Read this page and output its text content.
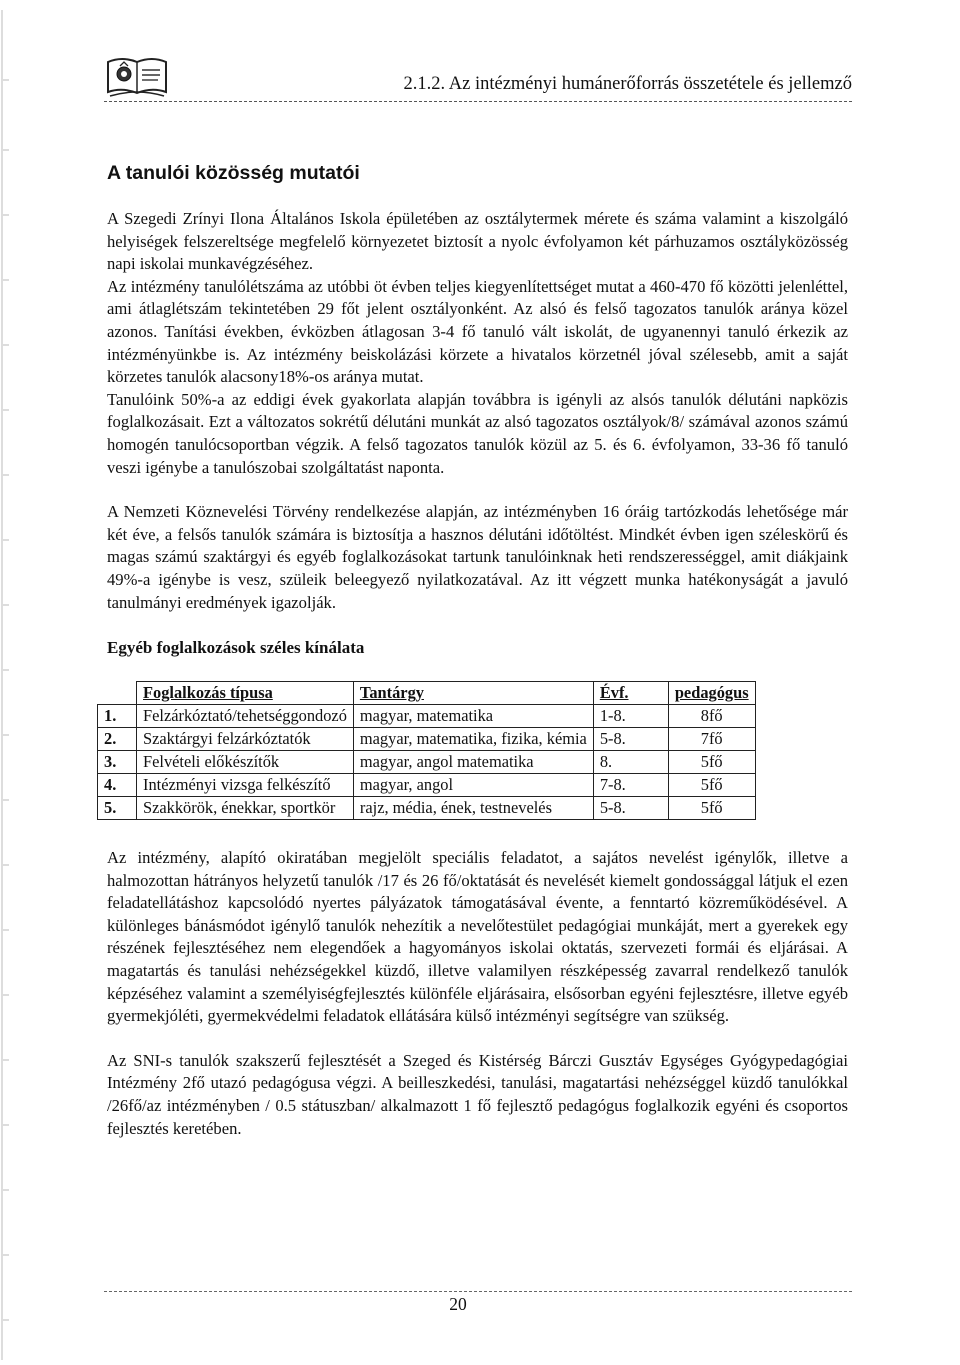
2.1.2. Az intézményi humánerőforrás összetétele és jellemző
A tanulói közösség mutatói

A Szegedi Zrínyi Ilona Általános Iskola épületében az osztálytermek mérete és száma valamint a kiszolgáló helyiségek felszereltsége megfelelő környezetet biztosít a nyolc évfolyamon két párhuzamos osztályközösség napi iskolai munkavégzéséhez.

Az intézmény tanulólétszáma az utóbbi öt évben teljes kiegyenlítettséget mutat a 460-470 fő közötti jelenléttel, ami átlaglétszám tekintetében 29 főt jelent osztályonként. Az alsó és felső tagozatos tanulók aránya közel azonos. Tanítási években, évközben átlagosan 3-4 fő tanuló vált iskolát, de ugyanennyi tanuló érkezik az intézményünkbe is. Az intézmény beiskolázási körzete a hivatalos körzetnél jóval szélesebb, amit a saját körzetes tanulók alacsony18%-os aránya mutat.

Tanulóink 50%-a az eddigi évek gyakorlata alapján továbbra is igényli az alsós tanulók délutáni napközis foglalkozásait. Ezt a változatos sokrétű délutáni munkát az alsó tagozatos osztályok/8/ számával azonos számú homogén tanulócsoportban végzik. A felső tagozatos tanulók közül az 5. és 6. évfolyamon, 33-36 fő tanuló veszi igénybe a tanulószobai szolgáltatást naponta.

A Nemzeti Köznevelési Törvény rendelkezése alapján, az intézményben 16 óráig tartózkodás lehetősége már két éve, a felsős tanulók számára is biztosítja a hasznos délutáni időtöltést. Mindkét évben igen széleskörű és magas számú szaktárgyi és egyéb foglalkozásokat tartunk tanulóinknak heti rendszerességgel, amit diákjaink 49%-a igénybe is vesz, szüleik beleegyező nyilatkozatával. Az itt végzett munka hatékonyságát a javuló tanulmányi eredmények igazolják.

Egyéb foglalkozások széles kínálata
	Foglalkozás típusa	Tantárgy	Évf.	pedagógus
1.	Felzárkóztató/tehetséggondozó	magyar, matematika	1-8.	8fő
2.	Szaktárgyi felzárkóztatók	magyar, matematika, fizika, kémia	5-8.	7fő
3.	Felvételi előkészítők	magyar, angol matematika	8.	5fő
4.	Intézményi vizsga felkészítő	magyar, angol	7-8.	5fő
5.	Szakkörök, énekkar, sportkör	rajz, média, ének, testnevelés	5-8.	5fő

Az intézmény, alapító okiratában megjelölt speciális feladatot, a sajátos nevelést igénylők, illetve a halmozottan hátrányos helyzetű tanulók /17 és 26 fő/oktatását és nevelését kiemelt gondossággal látjuk el ezen feladatellátáshoz kapcsolódó nyertes pályázatok támogatásával évente, a fenntartó közreműködésével. A különleges bánásmódot igénylő tanulók nehezítik a nevelőtestület pedagógiai munkáját, mert a gyerekek egy részének fejlesztéséhez nem elegendőek a hagyományos iskolai oktatás, szervezeti formái és eljárásai. A magatartás és tanulási nehézségekkel küzdő, illetve valamilyen részképesség zavarral rendelkező tanulók képzéséhez valamint a személyiségfejlesztés különféle eljárásaira, elsősorban egyéni fejlesztésre, illetve egyéb gyermekjóléti, gyermekvédelmi feladatok ellátására külső intézményi segítségre van szükség.

Az SNI-s tanulók szakszerű fejlesztését a Szeged és Kistérség Bárczi Gusztáv Egységes Gyógypedagógiai Intézmény 2fő utazó pedagógusa végzi. A beilleszkedési, tanulási, magatartási nehézséggel küzdő tanulókkal /26fő/az intézményben / 0.5 státuszban/ alkalmazott 1 fő fejlesztő pedagógus foglalkozik egyéni és csoportos fejlesztés keretében.

20
